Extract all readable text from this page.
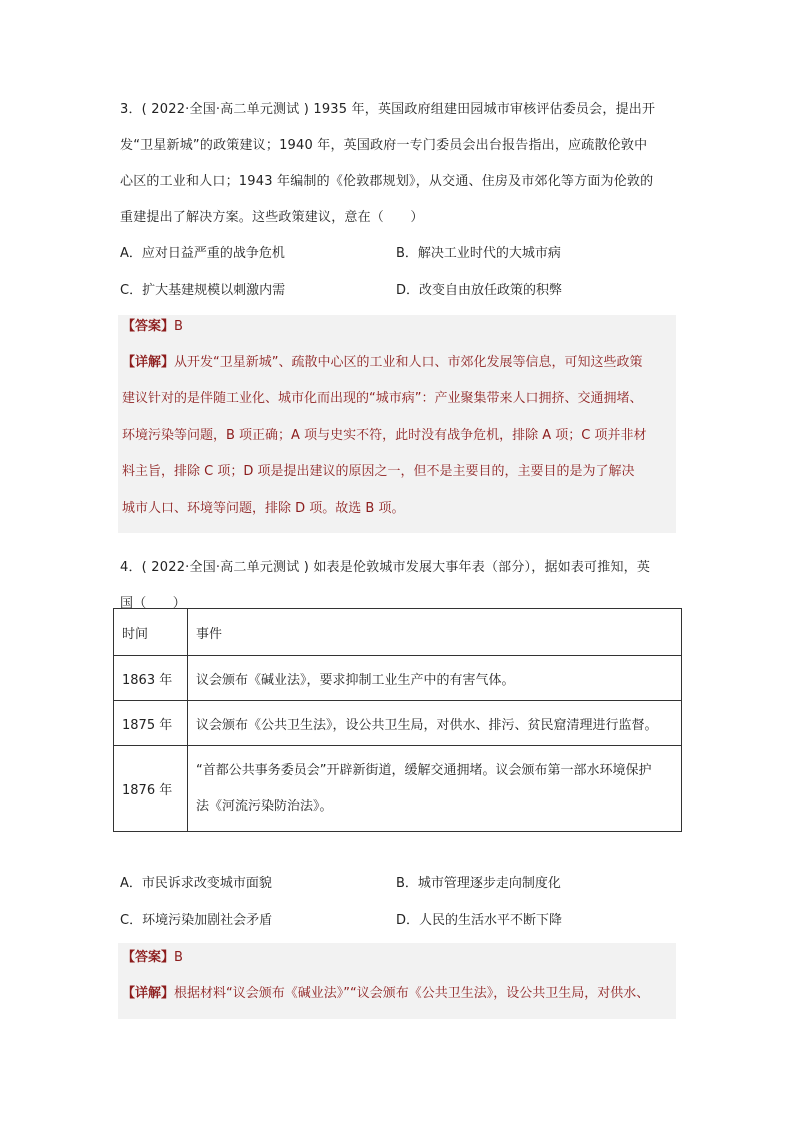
3．( 2022·全国·高二单元测试 ) 1935 年，英国政府组建田园城市审核评估委员会，提出开
发“卫星新城”的政策建议；1940 年，英国政府一专门委员会出台报告指出，应疏散伦敦中
心区的工业和人口；1943 年编制的《伦敦郡规划》，从交通、住房及市郊化等方面为伦敦的
重建提出了解决方案。这些政策建议，意在（　　）

A．应对日益严重的战争危机	B．解决工业时代的大城市病
C．扩大基建规模以刺激内需	D．改变自由放任政策的积弊
【答案】B
【详解】从开发“卫星新城”、疏散中心区的工业和人口、市郊化发展等信息，可知这些政策
建议针对的是伴随工业化、城市化而出现的“城市病”：产业聚集带来人口拥挤、交通拥堵、
环境污染等问题，B 项正确；A 项与史实不符，此时没有战争危机，排除 A 项；C 项并非材
料主旨，排除 C 项；D 项是提出建议的原因之一，但不是主要目的，主要目的是为了解决
城市人口、环境等问题，排除 D 项。故选 B 项。

4．( 2022·全国·高二单元测试 ) 如表是伦敦城市发展大事年表（部分），据如表可推知，英
国（　　）

时间	事件
1863 年	议会颁布《碱业法》，要求抑制工业生产中的有害气体。
1875 年	议会颁布《公共卫生法》，设公共卫生局，对供水、排污、贫民窟清理进行监督。
1876 年	“首都公共事务委员会”开辟新街道，缓解交通拥堵。议会颁布第一部水环境保护
法《河流污染防治法》。
A．市民诉求改变城市面貌	B．城市管理逐步走向制度化
C．环境污染加剧社会矛盾	D．人民的生活水平不断下降
【答案】B
【详解】根据材料“议会颁布《碱业法》”“议会颁布《公共卫生法》，设公共卫生局，对供水、
